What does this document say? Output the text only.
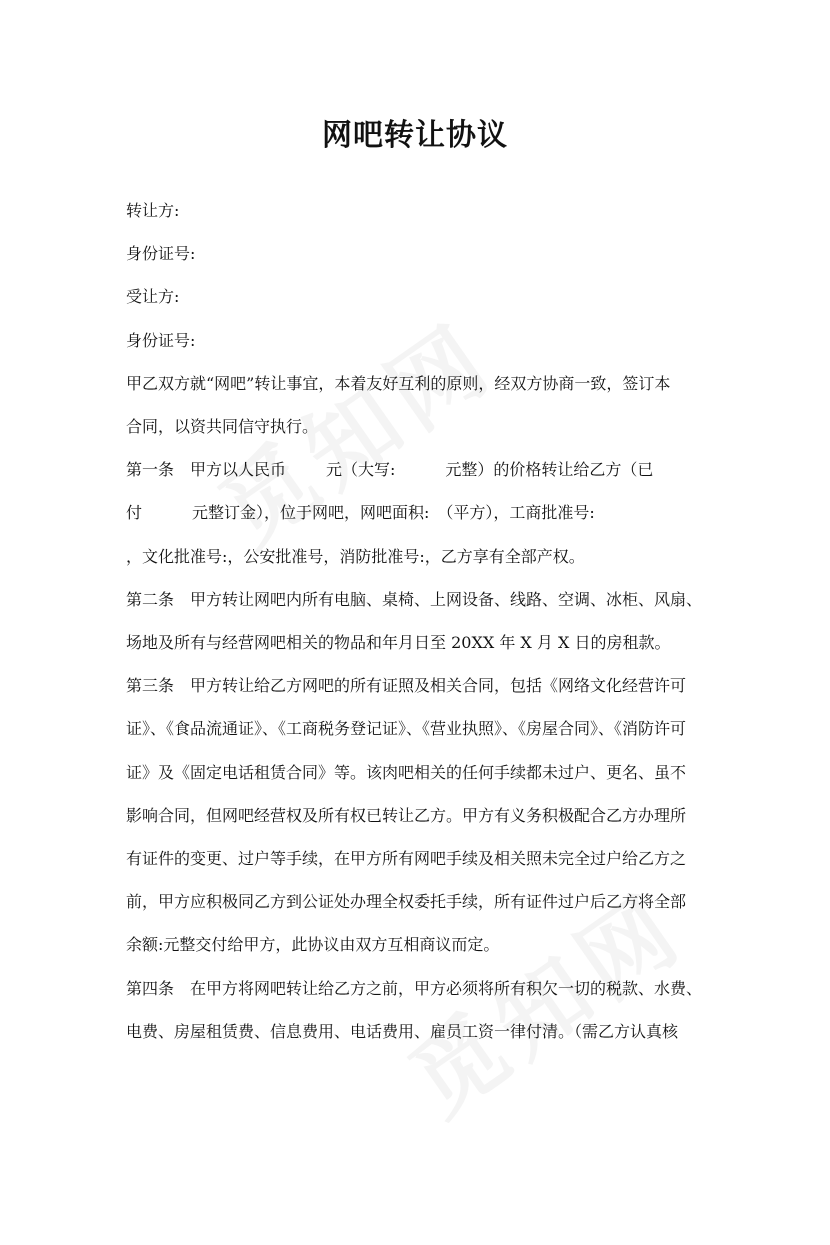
网吧转让协议
转让方:
身份证号:
受让方:
身份证号:
甲乙双方就“网吧”转让事宜，本着友好互利的原则，经双方协商一致，签订本
合同，以资共同信守执行。
第一条　甲方以人民币	元（大写:	元整）的价格转让给乙方（已
付	元整订金），位于网吧，网吧面积:　（平方），工商批准号:
，文化批准号:，公安批准号，消防批准号:，乙方享有全部产权。
第二条　甲方转让网吧内所有电脑、桌椅、上网设备、线路、空调、冰柜、风扇、
场地及所有与经营网吧相关的物品和年月日至 20XX 年 X 月 X 日的房租款。
第三条　甲方转让给乙方网吧的所有证照及相关合同，包括《网络文化经营许可
证》、《食品流通证》、《工商税务登记证》、《营业执照》、《房屋合同》、《消防许可
证》及《固定电话租赁合同》等。该肉吧相关的任何手续都未过户、更名、虽不
影响合同，但网吧经营权及所有权已转让乙方。甲方有义务积极配合乙方办理所
有证件的变更、过户等手续，在甲方所有网吧手续及相关照未完全过户给乙方之
前，甲方应积极同乙方到公证处办理全权委托手续，所有证件过户后乙方将全部
余额:元整交付给甲方，此协议由双方互相商议而定。
第四条　在甲方将网吧转让给乙方之前，甲方必须将所有积欠一切的税款、水费、
电费、房屋租赁费、信息费用、电话费用、雇员工资一律付清。（需乙方认真核
